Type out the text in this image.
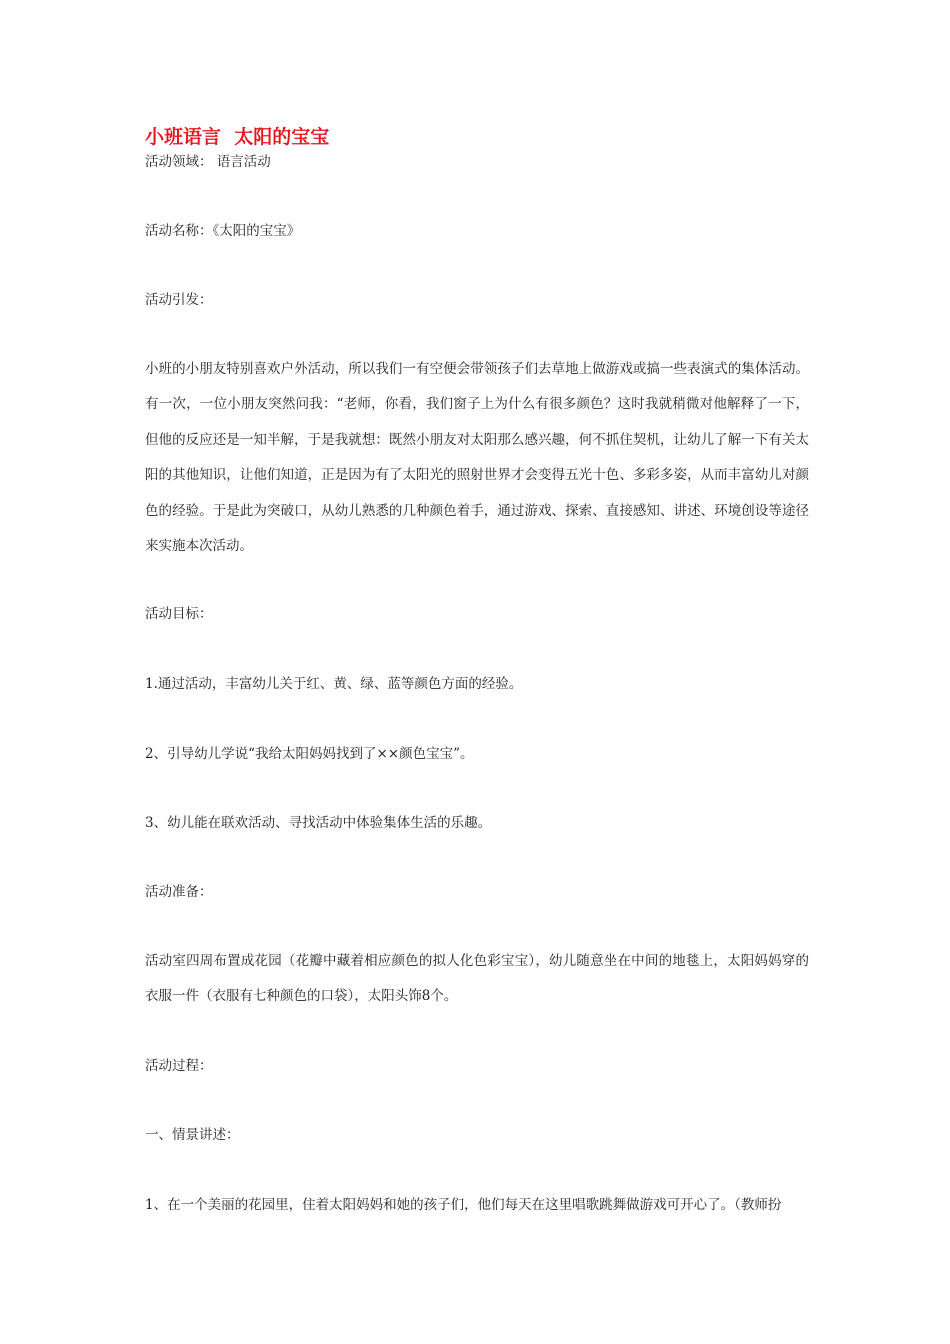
小班语言  太阳的宝宝
活动领域： 语言活动
活动名称：《太阳的宝宝》
活动引发：
小班的小朋友特别喜欢户外活动，所以我们一有空便会带领孩子们去草地上做游戏或搞一些表演式的集体活动。有一次，一位小朋友突然问我：“老师，你看，我们窗子上为什么有很多颜色？这时我就稍微对他解释了一下，但他的反应还是一知半解，于是我就想：既然小朋友对太阳那么感兴趣，何不抓住契机，让幼儿了解一下有关太阳的其他知识，让他们知道，正是因为有了太阳光的照射世界才会变得五光十色、多彩多姿，从而丰富幼儿对颜色的经验。于是此为突破口，从幼儿熟悉的几种颜色着手，通过游戏、探索、直接感知、讲述、环境创设等途径来实施本次活动。
活动目标：
1.通过活动，丰富幼儿关于红、黄、绿、蓝等颜色方面的经验。
2、引导幼儿学说“我给太阳妈妈找到了××颜色宝宝”。
3、幼儿能在联欢活动、寻找活动中体验集体生活的乐趣。
活动准备：
活动室四周布置成花园（花瓣中藏着相应颜色的拟人化色彩宝宝），幼儿随意坐在中间的地毯上，太阳妈妈穿的衣服一件（衣服有七种颜色的口袋），太阳头饰8个。
活动过程：
一、情景讲述：
1、在一个美丽的花园里，住着太阳妈妈和她的孩子们，他们每天在这里唱歌跳舞做游戏可开心了。（教师扮
